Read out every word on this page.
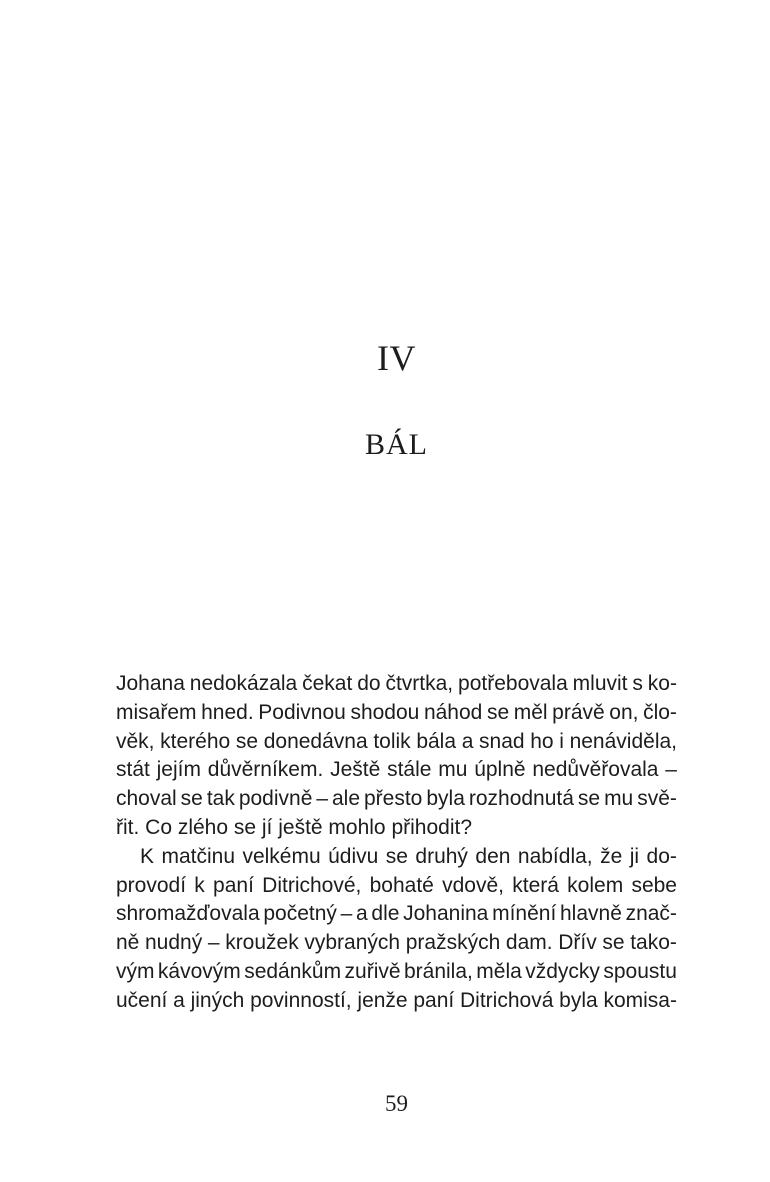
IV
BÁL
Johana nedokázala čekat do čtvrtka, potřebovala mluvit s ko-
misařem hned. Podivnou shodou náhod se měl právě on, člo-
věk, kterého se donedávna tolik bála a snad ho i nenáviděla,
stát jejím důvěrníkem. Ještě stále mu úplně nedůvěřovala –
choval se tak podivně – ale přesto byla rozhodnutá se mu svě-
řit. Co zlého se jí ještě mohlo přihodit?
K matčinu velkému údivu se druhý den nabídla, že ji do-
provodí k paní Ditrichové, bohaté vdově, která kolem sebe
shromažďovala početný – a dle Johanina mínění hlavně znač-
ně nudný – kroužek vybraných pražských dam. Dřív se tako-
vým kávovým sedánkům zuřivě bránila, měla vždycky spoustu
učení a jiných povinností, jenže paní Ditrichová byla komisa-
59
